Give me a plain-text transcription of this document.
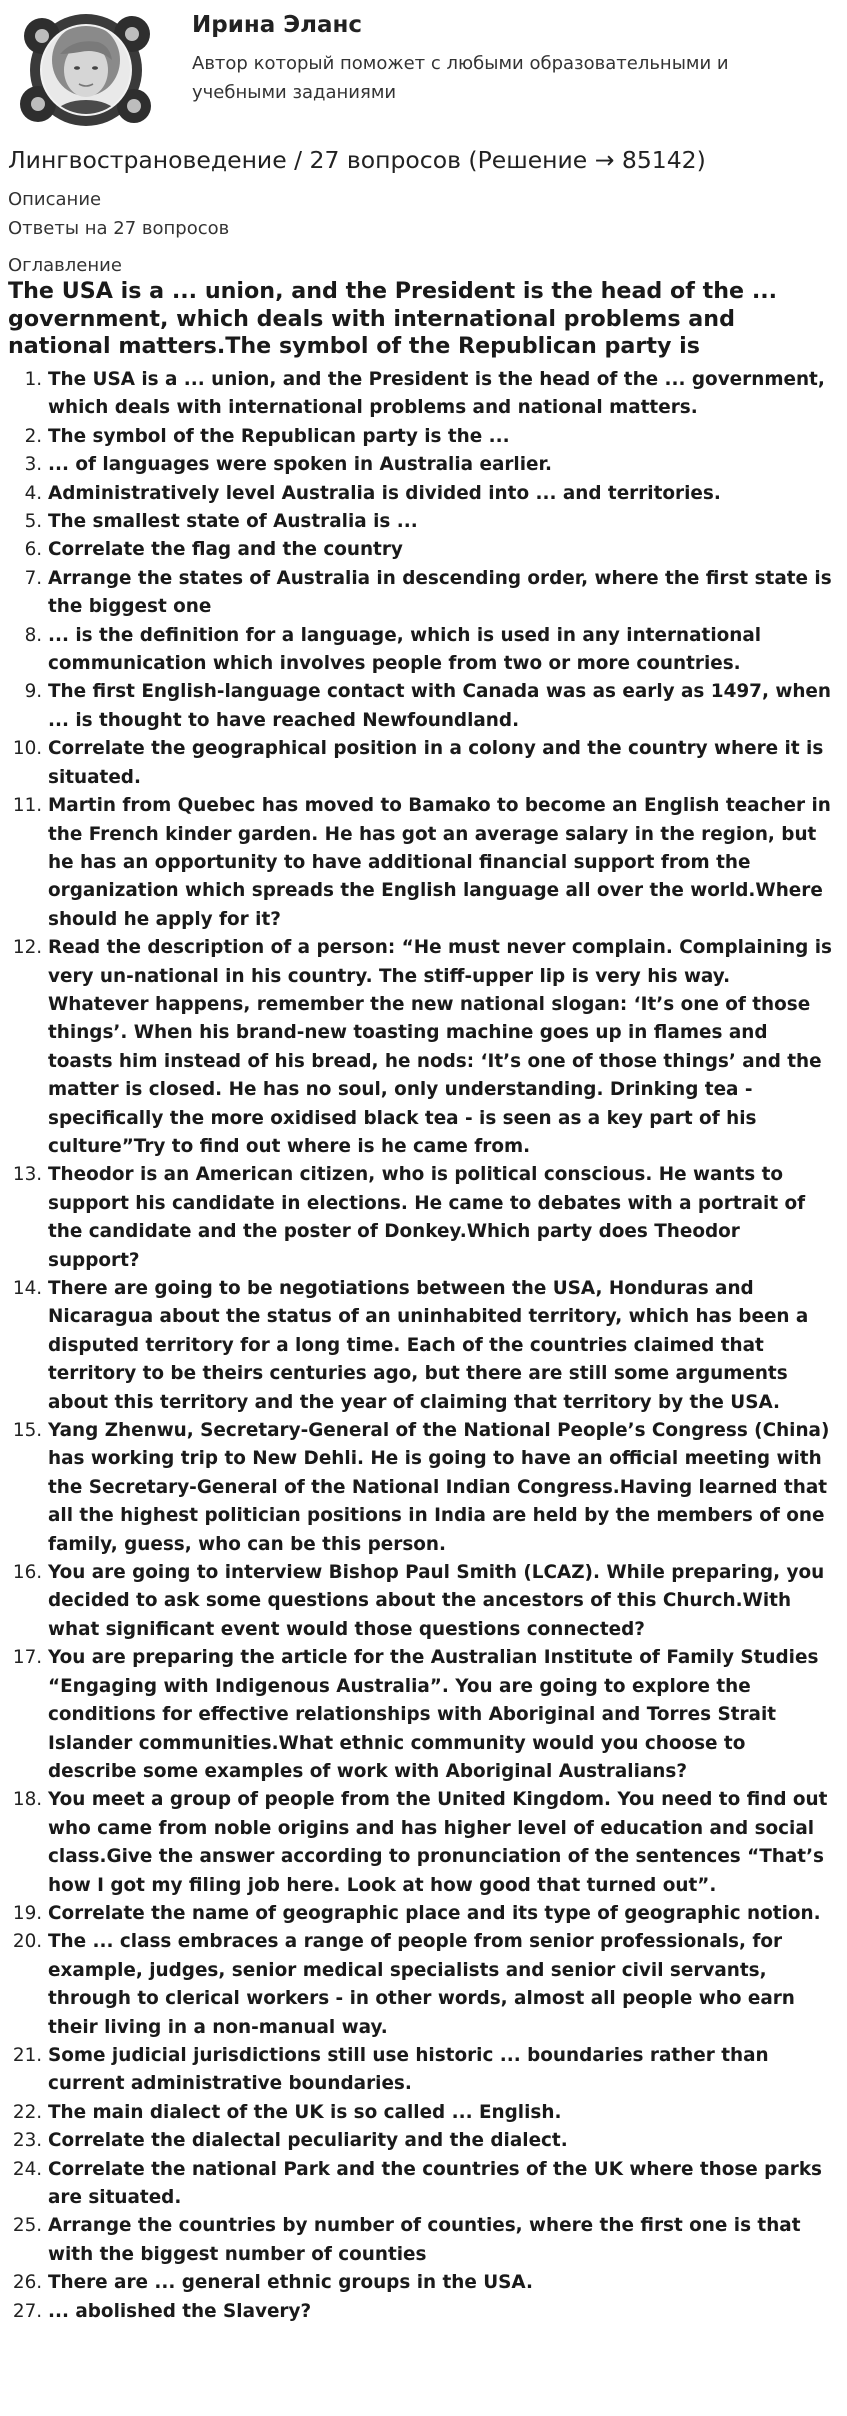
Ирина Эланс
Автор который поможет с любыми образовательными и учебными заданиями
Лингвострановедение / 27 вопросов (Решение → 85142)
Описание
Ответы на 27 вопросов
Оглавление
The USA is a ... union, and the President is the head of the ... government, which deals with international problems and national matters.The symbol of the Republican party is
1. The USA is a ... union, and the President is the head of the ... government, which deals with international problems and national matters.
2. The symbol of the Republican party is the ...
3. ... of languages were spoken in Australia earlier.
4. Administratively level Australia is divided into ... and territories.
5. The smallest state of Australia is ...
6. Correlate the flag and the country
7. Arrange the states of Australia in descending order, where the first state is the biggest one
8. ... is the definition for a language, which is used in any international communication which involves people from two or more countries.
9. The first English-language contact with Canada was as early as 1497, when ... is thought to have reached Newfoundland.
10. Correlate the geographical position in a colony and the country where it is situated.
11. Martin from Quebec has moved to Bamako to become an English teacher in the French kinder garden. He has got an average salary in the region, but he has an opportunity to have additional financial support from the organization which spreads the English language all over the world.Where should he apply for it?
12. Read the description of a person: “He must never complain. Complaining is very un-national in his country. The stiff-upper lip is very his way. Whatever happens, remember the new national slogan: ‘It’s one of those things’. When his brand-new toasting machine goes up in flames and toasts him instead of his bread, he nods: ‘It’s one of those things’ and the matter is closed. He has no soul, only understanding. Drinking tea - specifically the more oxidised black tea - is seen as a key part of his culture”Try to find out where is he came from.
13. Theodor is an American citizen, who is political conscious. He wants to support his candidate in elections. He came to debates with a portrait of the candidate and the poster of Donkey.Which party does Theodor support?
14. There are going to be negotiations between the USA, Honduras and Nicaragua about the status of an uninhabited territory, which has been a disputed territory for a long time. Each of the countries claimed that territory to be theirs centuries ago, but there are still some arguments about this territory and the year of claiming that territory by the USA.
15. Yang Zhenwu, Secretary-General of the National People’s Congress (China) has working trip to New Dehli. He is going to have an official meeting with the Secretary-General of the National Indian Congress.Having learned that all the highest politician positions in India are held by the members of one family, guess, who can be this person.
16. You are going to interview Bishop Paul Smith (LCAZ). While preparing, you decided to ask some questions about the ancestors of this Church.With what significant event would those questions connected?
17. You are preparing the article for the Australian Institute of Family Studies “Engaging with Indigenous Australia”. You are going to explore the conditions for effective relationships with Aboriginal and Torres Strait Islander communities.What ethnic community would you choose to describe some examples of work with Aboriginal Australians?
18. You meet a group of people from the United Kingdom. You need to find out who came from noble origins and has higher level of education and social class.Give the answer according to pronunciation of the sentences “That’s how I got my filing job here. Look at how good that turned out”.
19. Correlate the name of geographic place and its type of geographic notion.
20. The ... class embraces a range of people from senior professionals, for example, judges, senior medical specialists and senior civil servants, through to clerical workers - in other words, almost all people who earn their living in a non-manual way.
21. Some judicial jurisdictions still use historic ... boundaries rather than current administrative boundaries.
22. The main dialect of the UK is so called ... English.
23. Correlate the dialectal peculiarity and the dialect.
24. Correlate the national Park and the countries of the UK where those parks are situated.
25. Arrange the countries by number of counties, where the first one is that with the biggest number of counties
26. There are ... general ethnic groups in the USA.
27. ... abolished the Slavery?
